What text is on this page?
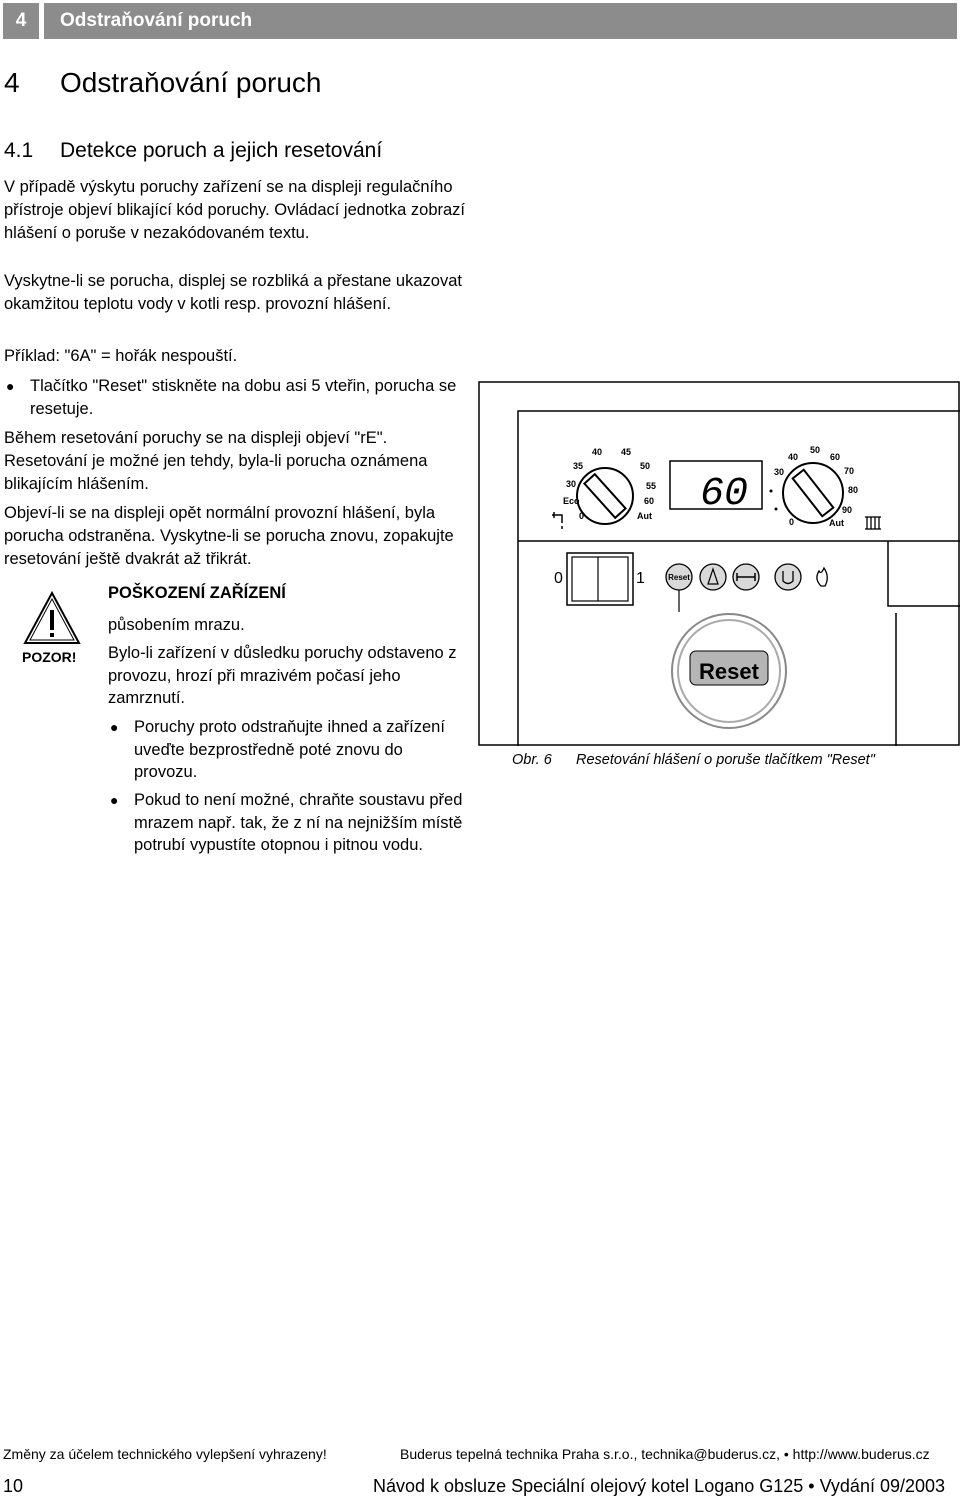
4	Odstraňování poruch
4 Odstraňování poruch
4.1 Detekce poruch a jejich resetování
V případě výskytu poruchy zařízení se na displeji regulačního přístroje objeví blikající kód poruchy. Ovládací jednotka zobrazí hlášení o poruše v nezakódovaném textu.
Vyskytne-li se porucha, displej se rozbliká a přestane ukazovat okamžitou teplotu vody v kotli resp. provozní hlášení.
Příklad: "6A" = hořák nespouští.
● Tlačítko "Reset" stiskněte na dobu asi 5 vteřin, porucha se resetuje.
Během resetování poruchy se na displeji objeví "rE". Resetování je možné jen tehdy, byla-li porucha oznámena blikajícím hlášením.
Objeví-li se na displeji opět normální provozní hlášení, byla porucha odstraněna. Vyskytne-li se porucha znovu, zopakujte resetování ještě dvakrát až třikrát.
POZOR!
POŠKOZENÍ ZAŘÍZENÍ
působením mrazu.
Bylo-li zařízení v důsledku poruchy odstaveno z provozu, hrozí při mrazivém počasí jeho zamrznutí.
● Poruchy proto odstraňujte ihned a zařízení uveďte bezprostředně poté znovu do provozu.
● Pokud to není možné, chraňte soustavu před mrazem např. tak, že z ní na nejnižším místě potrubí vypustíte otopnou i pitnou vodu.
40 45
35	50
30	55
Eco	60
0	Aut 60
50
40	60
30	70
80
90
0	Aut
0	1	Reset
Reset
Obr. 6 Resetování hlášení o poruše tlačítkem "Reset"
Změny za účelem technického vylepšení vyhrazeny!	Buderus tepelná technika Praha s.r.o., technika@buderus.cz, • http://www.buderus.cz
10	Návod k obsluze Speciální olejový kotel Logano G125 • Vydání 09/2003
